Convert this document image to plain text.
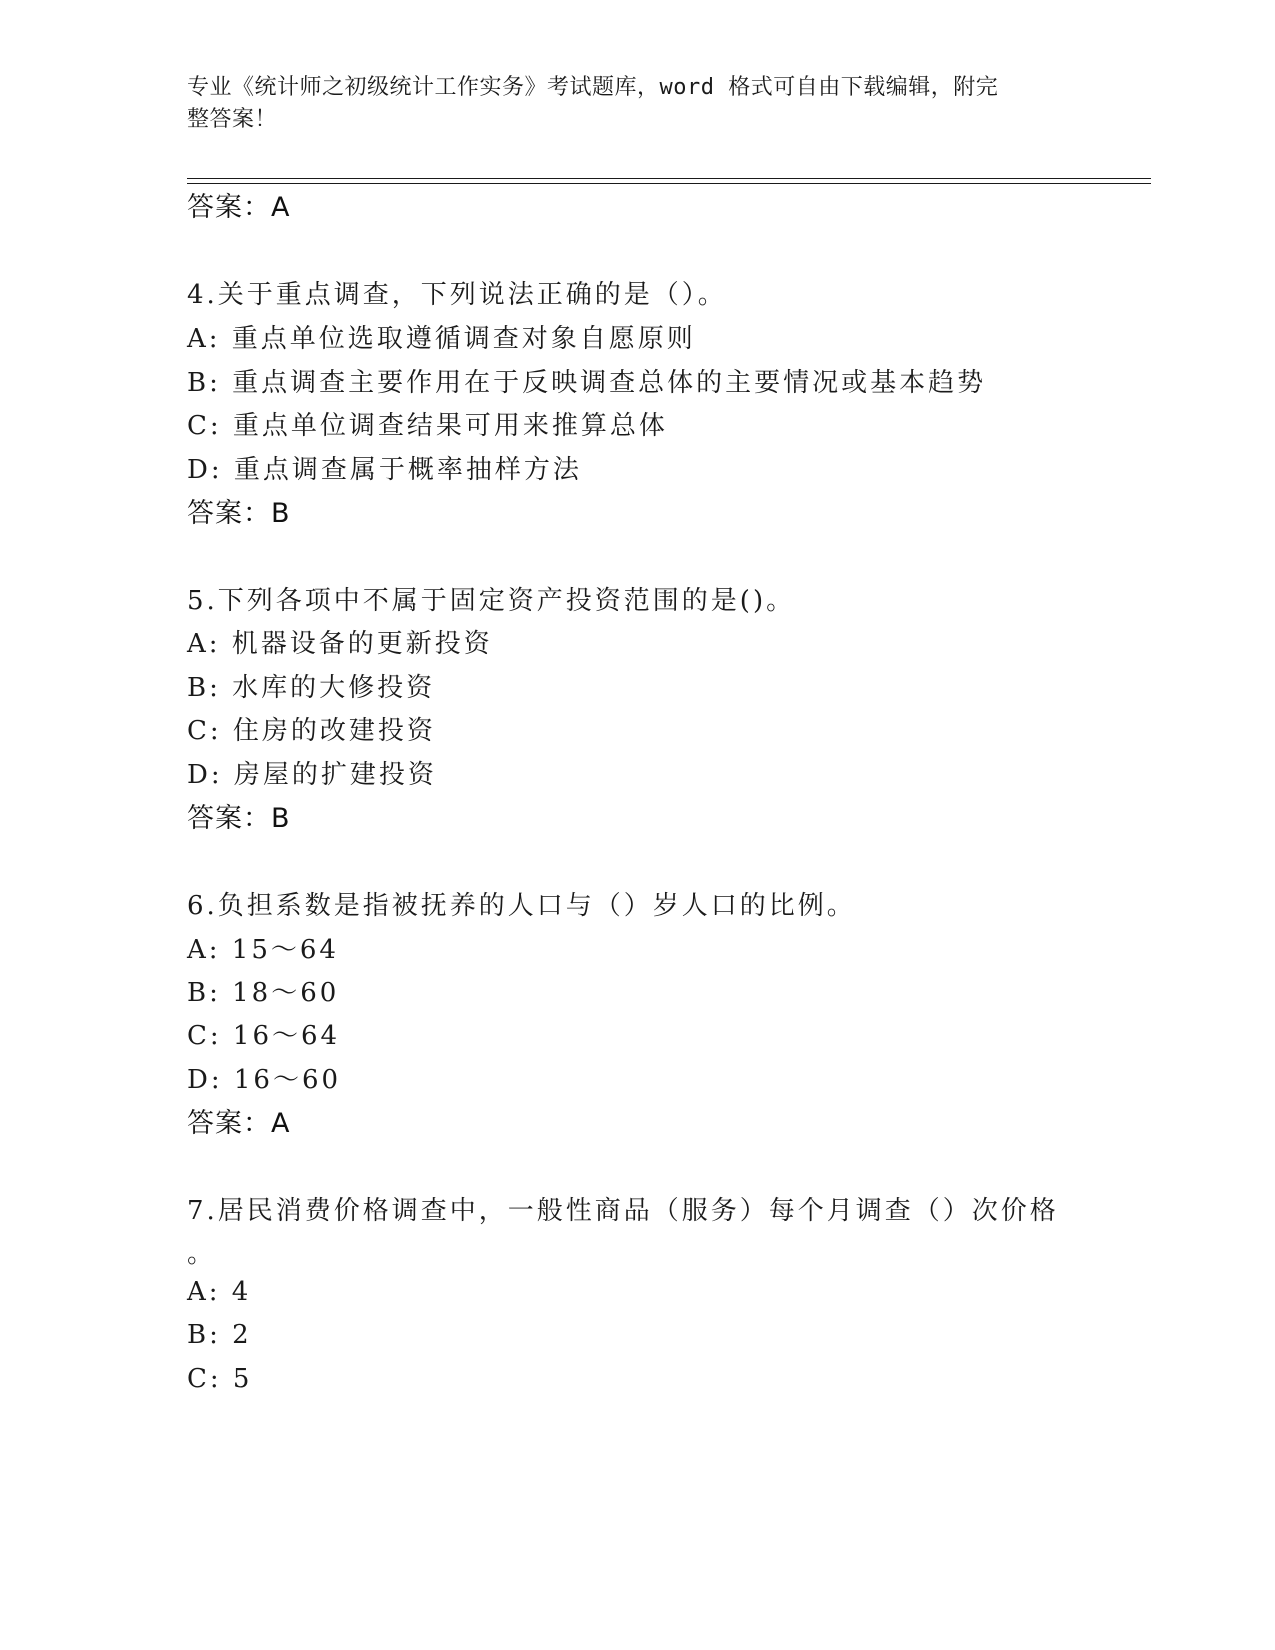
专业《统计师之初级统计工作实务》考试题库，word 格式可自由下载编辑，附完
整答案！
答案：A
4.关于重点调查，下列说法正确的是（）。
A: 重点单位选取遵循调查对象自愿原则
B: 重点调查主要作用在于反映调查总体的主要情况或基本趋势
C: 重点单位调查结果可用来推算总体
D: 重点调查属于概率抽样方法
答案：B
5.下列各项中不属于固定资产投资范围的是()。
A: 机器设备的更新投资
B: 水库的大修投资
C: 住房的改建投资
D: 房屋的扩建投资
答案：B
6.负担系数是指被抚养的人口与（）岁人口的比例。
A: 15～64
B: 18～60
C: 16～64
D: 16～60
答案：A
7.居民消费价格调查中，一般性商品（服务）每个月调查（）次价格
。
A: 4
B: 2
C: 5
